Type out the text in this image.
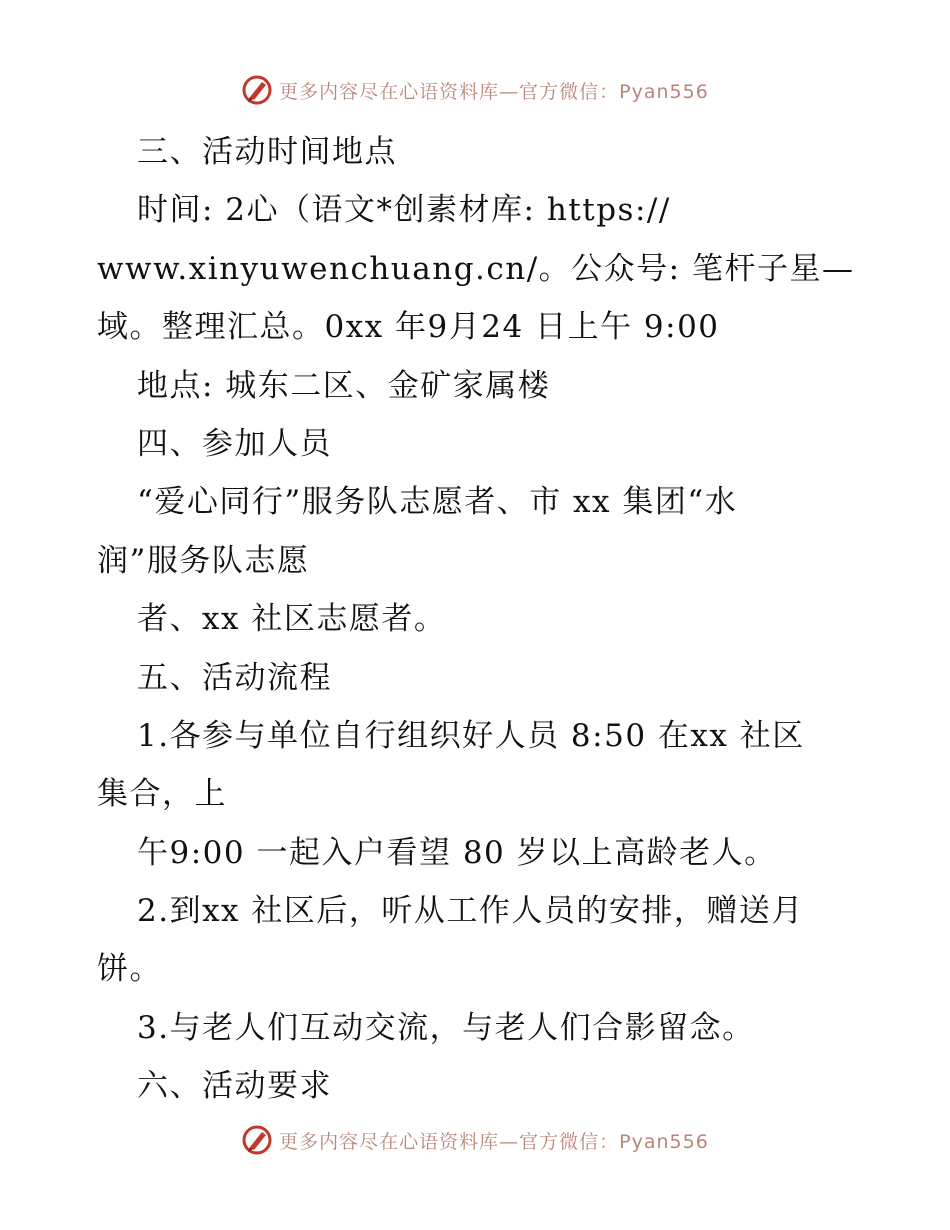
更多内容尽在心语资料库—官方微信：Pyan556
三、活动时间地点
时间: 2心（语文*创素材库: https://
www.xinyuwenchuang.cn/。公众号: 笔杆子星—
域。整理汇总。0xx 年9月24 日上午 9:00
地点: 城东二区、金矿家属楼
四、参加人员
“爱心同行”服务队志愿者、市 xx 集团“水
润”服务队志愿
者、xx 社区志愿者。
五、活动流程
1.各参与单位自行组织好人员 8:50 在xx 社区
集合，上
午9:00 一起入户看望 80 岁以上高龄老人。
2.到xx 社区后，听从工作人员的安排，赠送月
饼。
3.与老人们互动交流，与老人们合影留念。
六、活动要求
更多内容尽在心语资料库—官方微信：Pyan556
